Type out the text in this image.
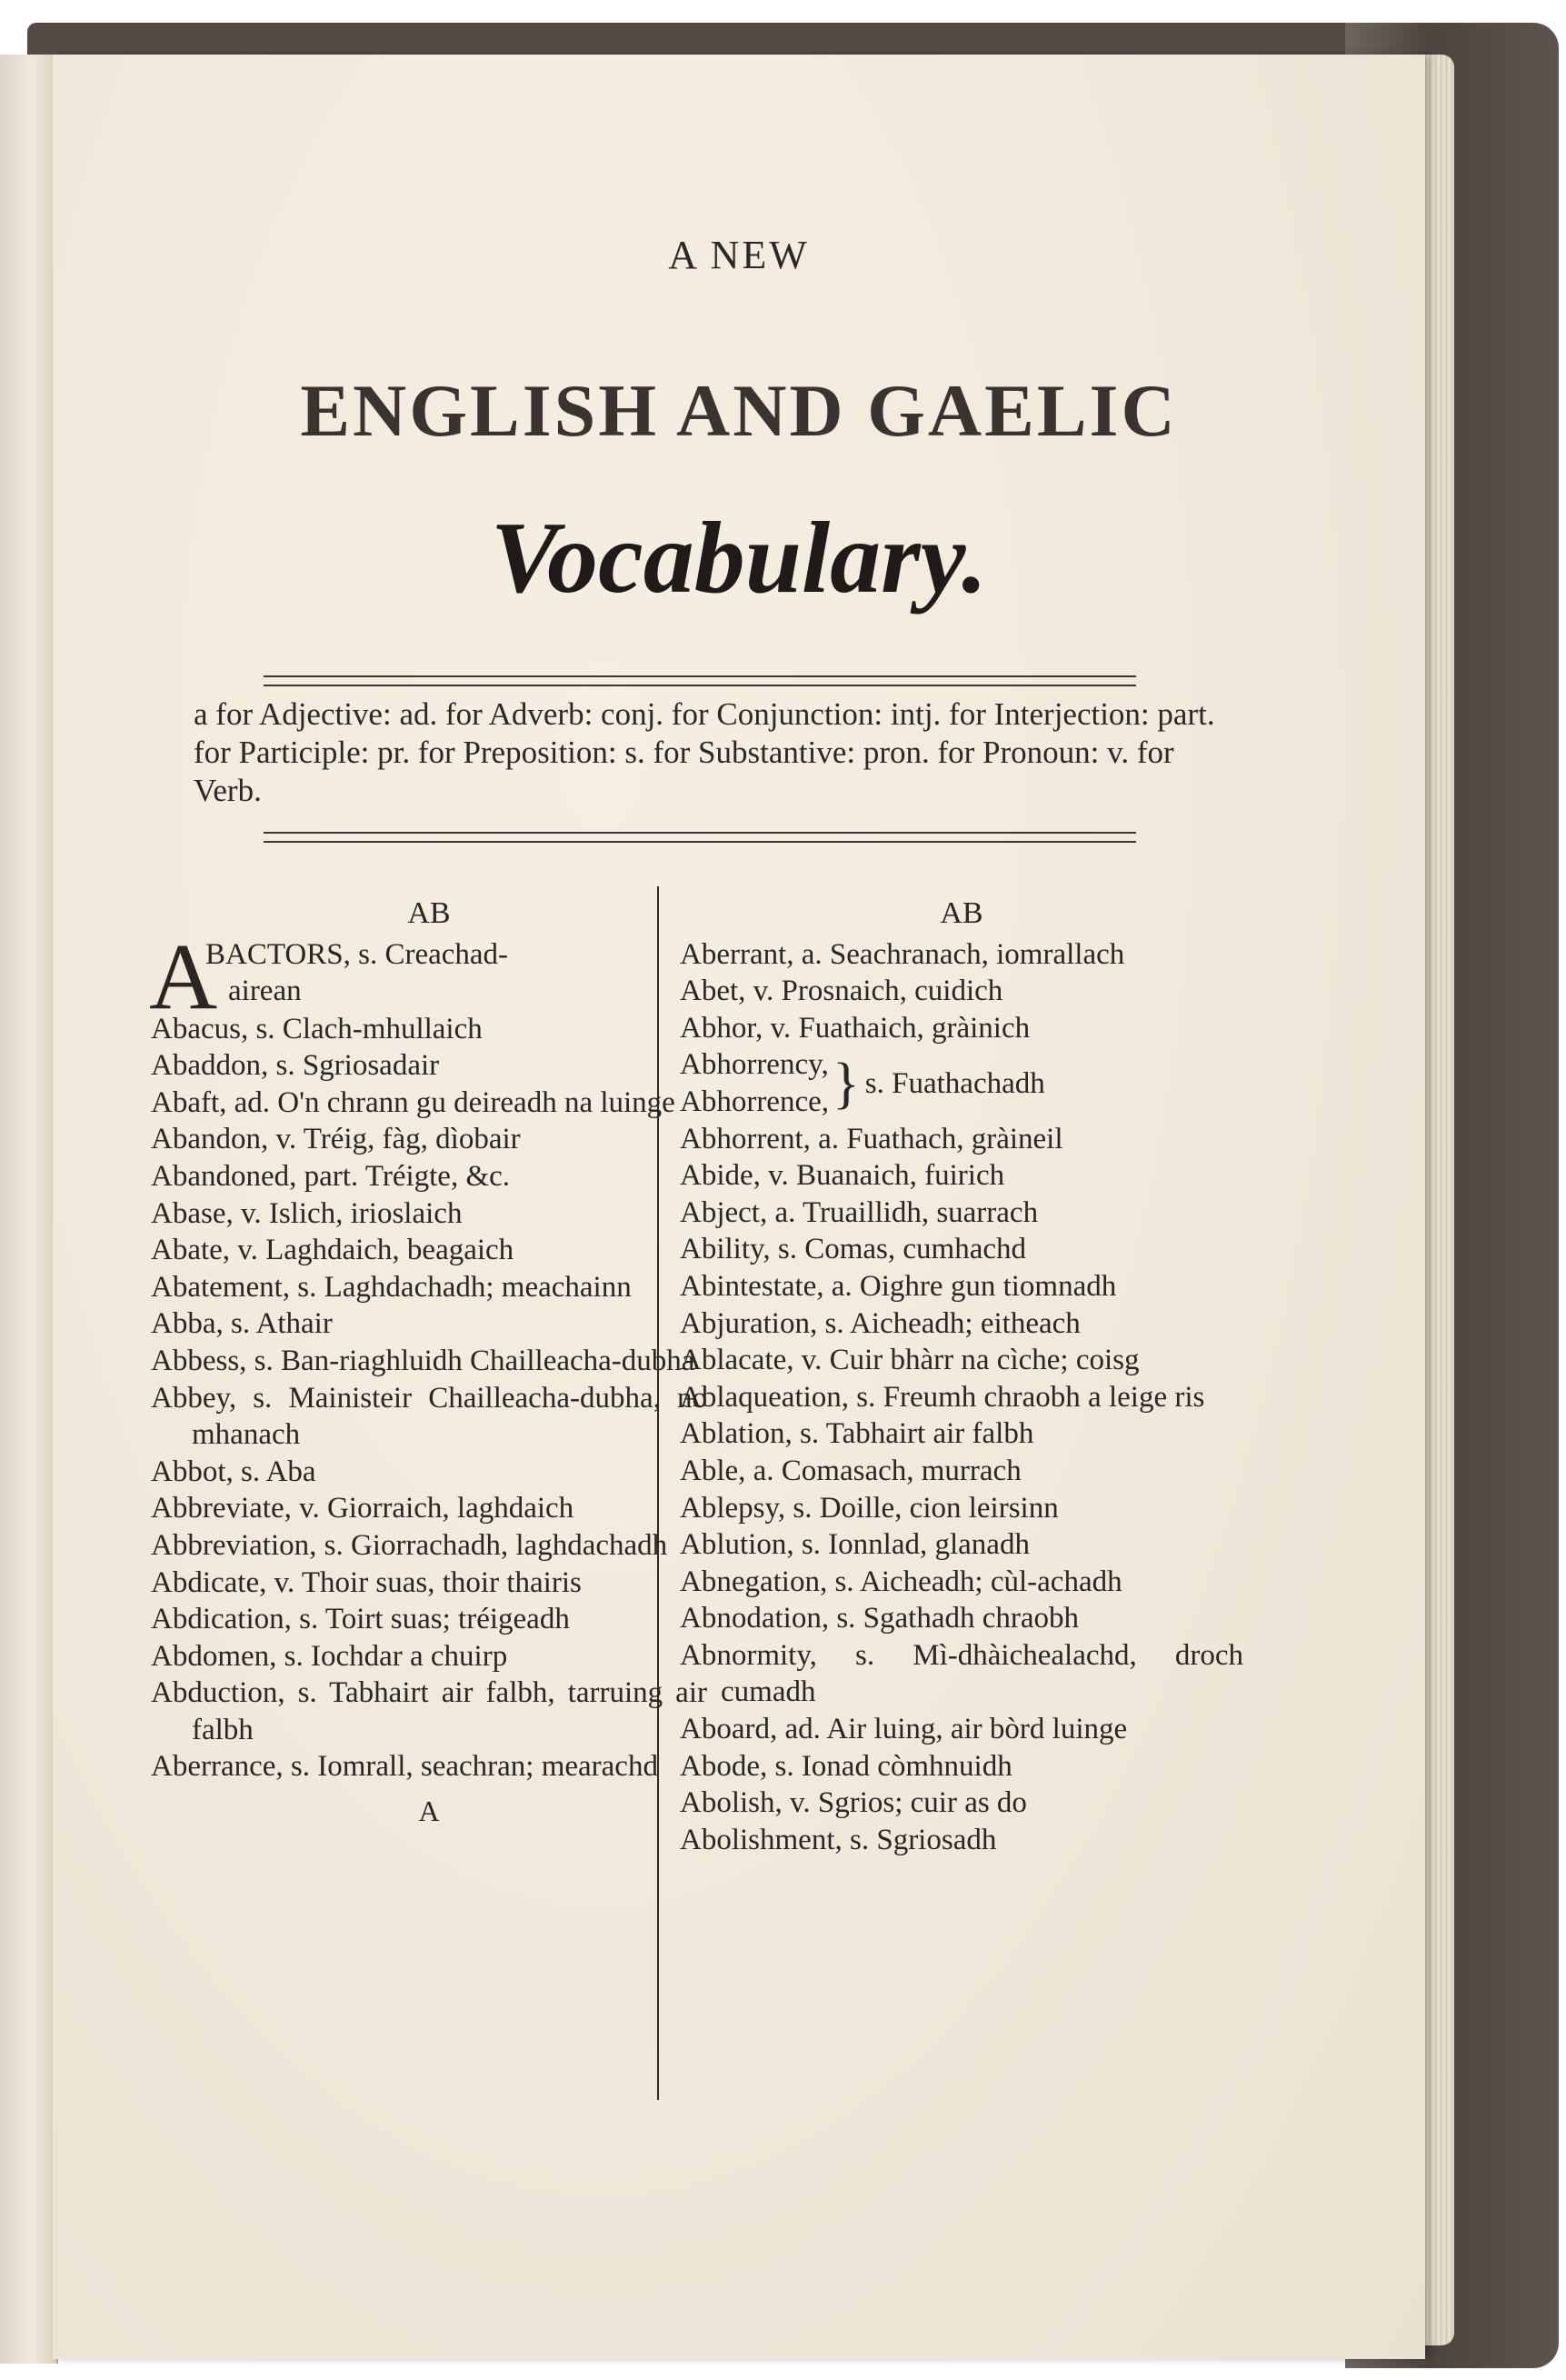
A NEW
ENGLISH AND GAELIC
Vocabulary.
a for Adjective: ad. for Adverb: conj. for Conjunction: intj. for Interjection: part. for Participle: pr. for Preposition: s. for Substantive: pron. for Pronoun: v. for Verb.
AB
A
BACTORS, s. Creachad-
airean
Abacus, s. Clach-mhullaich
Abaddon, s. Sgriosadair
Abaft, ad. O'n chrann gu deireadh na luinge
Abandon, v. Tréig, fàg, dìobair
Abandoned, part. Tréigte, &c.
Abase, v. Islich, irioslaich
Abate, v. Laghdaich, beagaich
Abatement, s. Laghdachadh; meachainn
Abba, s. Athair
Abbess, s. Ban-riaghluidh Chailleacha-dubha
Abbey, s. Mainisteir Chailleacha-dubha, no mhanach
Abbot, s. Aba
Abbreviate, v. Giorraich, laghdaich
Abbreviation, s. Giorrachadh, laghdachadh
Abdicate, v. Thoir suas, thoir thairis
Abdication, s. Toirt suas; tréigeadh
Abdomen, s. Iochdar a chuirp
Abduction, s. Tabhairt air falbh, tarruing air falbh
Aberrance, s. Iomrall, seachran; mearachd
A
AB
Aberrant, a. Seachranach, iomrallach
Abet, v. Prosnaich, cuidich
Abhor, v. Fuathaich, gràinich
Abhorrency,
Abhorrence, } s. Fuathachadh
Abhorrent, a. Fuathach, gràineil
Abide, v. Buanaich, fuirich
Abject, a. Truaillidh, suarrach
Ability, s. Comas, cumhachd
Abintestate, a. Oighre gun tiomnadh
Abjuration, s. Aicheadh; eitheach
Ablacate, v. Cuir bhàrr na cìche; coisg
Ablaqueation, s. Freumh chraobh a leige ris
Ablation, s. Tabhairt air falbh
Able, a. Comasach, murrach
Ablepsy, s. Doille, cion leirsinn
Ablution, s. Ionnlad, glanadh
Abnegation, s. Aicheadh; cùl-achadh
Abnodation, s. Sgathadh chraobh
Abnormity, s. Mì-dhàichealachd, droch cumadh
Aboard, ad. Air luing, air bòrd luinge
Abode, s. Ionad còmhnuidh
Abolish, v. Sgrios; cuir as do
Abolishment, s. Sgriosadh
